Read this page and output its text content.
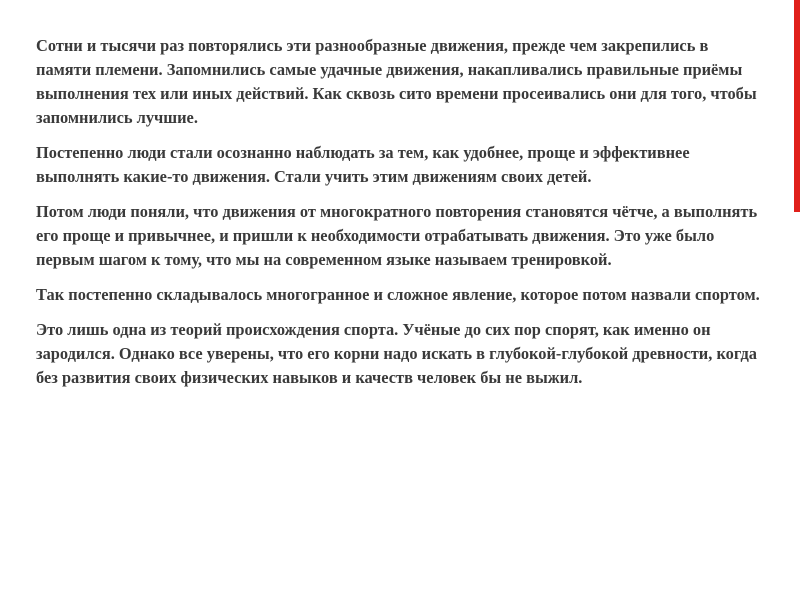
Сотни и тысячи раз повторялись эти разнообразные движения, прежде чем закрепились в памяти племени. Запомнились самые удачные движения, накапливались правильные приёмы выполнения тех или иных действий. Как сквозь сито времени просеивались они для того, чтобы запомнились лучшие.

Постепенно люди стали осознанно наблюдать за тем, как удобнее, проще и эффективнее выполнять какие-то движения. Стали учить этим движениям своих детей.

Потом люди поняли, что движения от многократного повторения становятся чётче, а выполнять его проще и привычнее, и пришли к необходимости отрабатывать движения. Это уже было первым шагом к тому, что мы на современном языке называем тренировкой.

Так постепенно складывалось многогранное и сложное явление, которое потом назвали спортом.

Это лишь одна из теорий происхождения спорта. Учёные до сих пор спорят, как именно он зародился. Однако все уверены, что его корни надо искать в глубокой-глубокой древности, когда без развития своих физических навыков и качеств человек бы не выжил.
